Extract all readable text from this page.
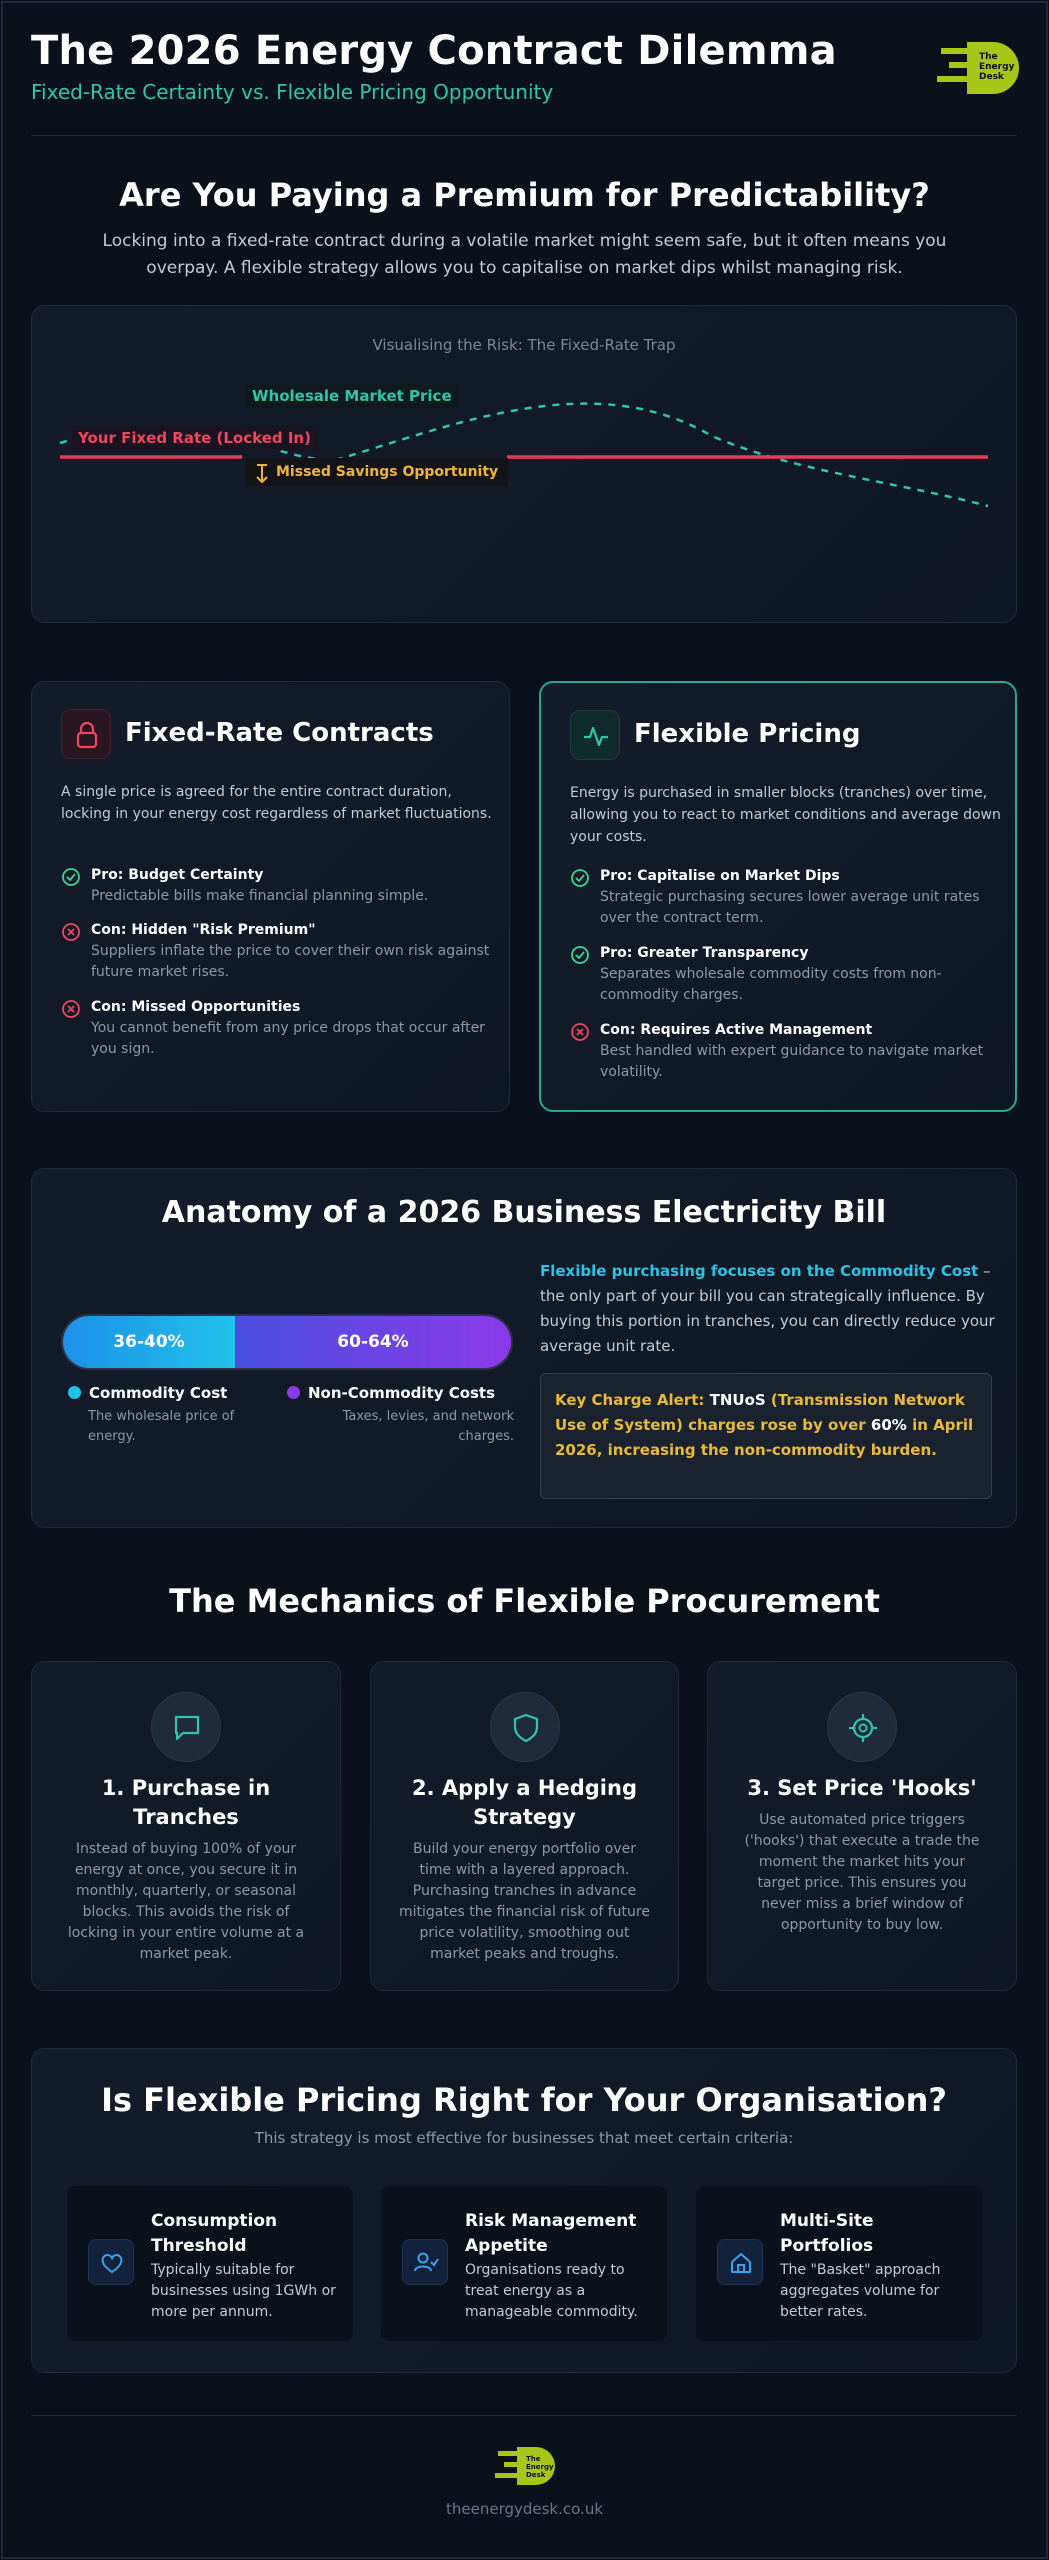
The 2026 Energy Contract Dilemma
Fixed-Rate Certainty vs. Flexible Pricing Opportunity
The
Energy
Desk
Are You Paying a Premium for Predictability?
Locking into a fixed-rate contract during a volatile market might seem safe, but it often means you overpay. A flexible strategy allows you to capitalise on market dips whilst managing risk.
Visualising the Risk: The Fixed-Rate Trap
Wholesale Market Price
Your Fixed Rate (Locked In)
Missed Savings Opportunity
Fixed-Rate Contracts
A single price is agreed for the entire contract duration, locking in your energy cost regardless of market fluctuations.
Pro: Budget Certainty
Predictable bills make financial planning simple.
Con: Hidden "Risk Premium"
Suppliers inflate the price to cover their own risk against future market rises.
Con: Missed Opportunities
You cannot benefit from any price drops that occur after you sign.
Flexible Pricing
Energy is purchased in smaller blocks (tranches) over time, allowing you to react to market conditions and average down your costs.
Pro: Capitalise on Market Dips
Strategic purchasing secures lower average unit rates over the contract term.
Pro: Greater Transparency
Separates wholesale commodity costs from non-commodity charges.
Con: Requires Active Management
Best handled with expert guidance to navigate market volatility.
Anatomy of a 2026 Business Electricity Bill
36-40%	60-64%
Commodity Cost
The wholesale price of energy.
Non-Commodity Costs
Taxes, levies, and network charges.
Flexible purchasing focuses on the Commodity Cost – the only part of your bill you can strategically influence. By buying this portion in tranches, you can directly reduce your average unit rate.
Key Charge Alert: TNUoS (Transmission Network Use of System) charges rose by over 60% in April 2026, increasing the non-commodity burden.
The Mechanics of Flexible Procurement
1. Purchase in Tranches
Instead of buying 100% of your energy at once, you secure it in monthly, quarterly, or seasonal blocks. This avoids the risk of locking in your entire volume at a market peak.
2. Apply a Hedging Strategy
Build your energy portfolio over time with a layered approach. Purchasing tranches in advance mitigates the financial risk of future price volatility, smoothing out market peaks and troughs.
3. Set Price 'Hooks'
Use automated price triggers ('hooks') that execute a trade the moment the market hits your target price. This ensures you never miss a brief window of opportunity to buy low.
Is Flexible Pricing Right for Your Organisation?
This strategy is most effective for businesses that meet certain criteria:
Consumption Threshold
Typically suitable for businesses using 1GWh or more per annum.
Risk Management Appetite
Organisations ready to treat energy as a manageable commodity.
Multi-Site Portfolios
The "Basket" approach aggregates volume for better rates.
The
Energy
Desk
theenergydesk.co.uk
